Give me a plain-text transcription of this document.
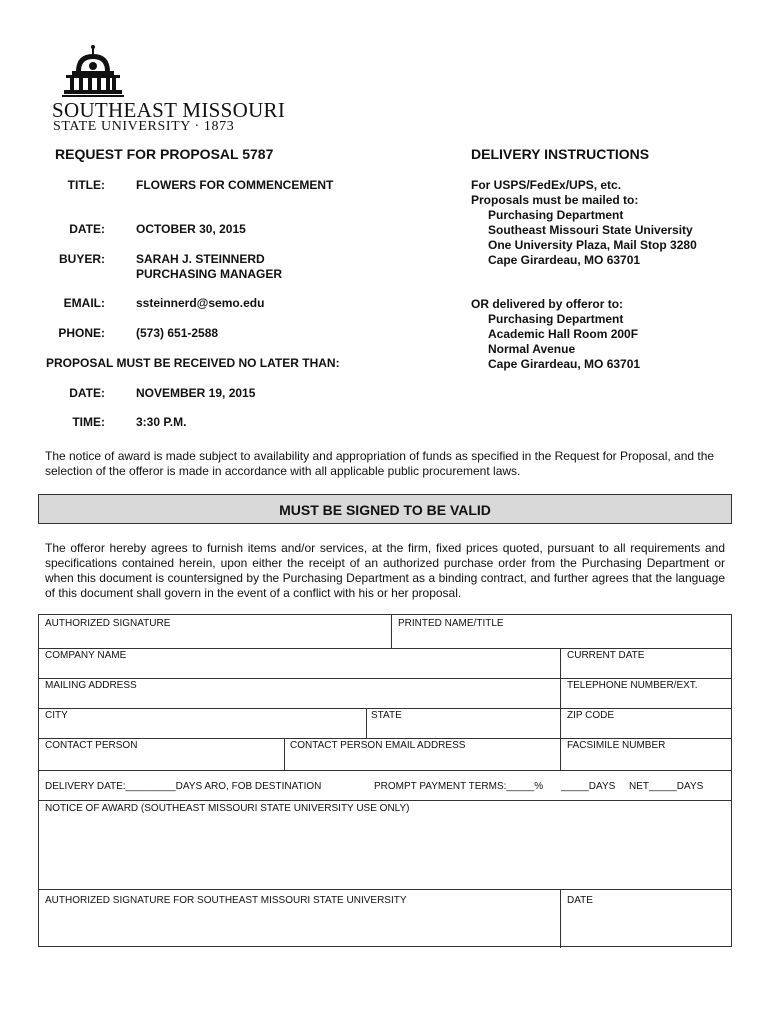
SOUTHEAST MISSOURI
STATE UNIVERSITY · 1873
REQUEST FOR PROPOSAL 5787
TITLE:	FLOWERS FOR COMMENCEMENT
DATE:	OCTOBER 30, 2015
BUYER:	SARAH J. STEINNERD
PURCHASING MANAGER
EMAIL:	ssteinnerd@semo.edu
PHONE:	(573) 651-2588
PROPOSAL MUST BE RECEIVED NO LATER THAN:
DATE:	NOVEMBER 19, 2015
TIME:	3:30 P.M.
DELIVERY INSTRUCTIONS
For USPS/FedEx/UPS, etc.
Proposals must be mailed to:
Purchasing Department
Southeast Missouri State University
One University Plaza, Mail Stop 3280
Cape Girardeau, MO 63701
OR delivered by offeror to:
Purchasing Department
Academic Hall Room 200F
Normal Avenue
Cape Girardeau, MO 63701
The notice of award is made subject to availability and appropriation of funds as specified in the Request for Proposal, and the selection of the offeror is made in accordance with all applicable public procurement laws.
MUST BE SIGNED TO BE VALID
The offeror hereby agrees to furnish items and/or services, at the firm, fixed prices quoted, pursuant to all requirements and specifications contained herein, upon either the receipt of an authorized purchase order from the Purchasing Department or when this document is countersigned by the Purchasing Department as a binding contract, and further agrees that the language of this document shall govern in the event of a conflict with his or her proposal.
AUTHORIZED SIGNATURE	PRINTED NAME/TITLE
COMPANY NAME	CURRENT DATE
MAILING ADDRESS	TELEPHONE NUMBER/EXT.
CITY	STATE	ZIP CODE
CONTACT PERSON	CONTACT PERSON EMAIL ADDRESS	FACSIMILE NUMBER
DELIVERY DATE:_________DAYS ARO, FOB DESTINATION	PROMPT PAYMENT TERMS:_____% _____DAYS NET_____DAYS
NOTICE OF AWARD (SOUTHEAST MISSOURI STATE UNIVERSITY USE ONLY)
AUTHORIZED SIGNATURE FOR SOUTHEAST MISSOURI STATE UNIVERSITY	DATE
